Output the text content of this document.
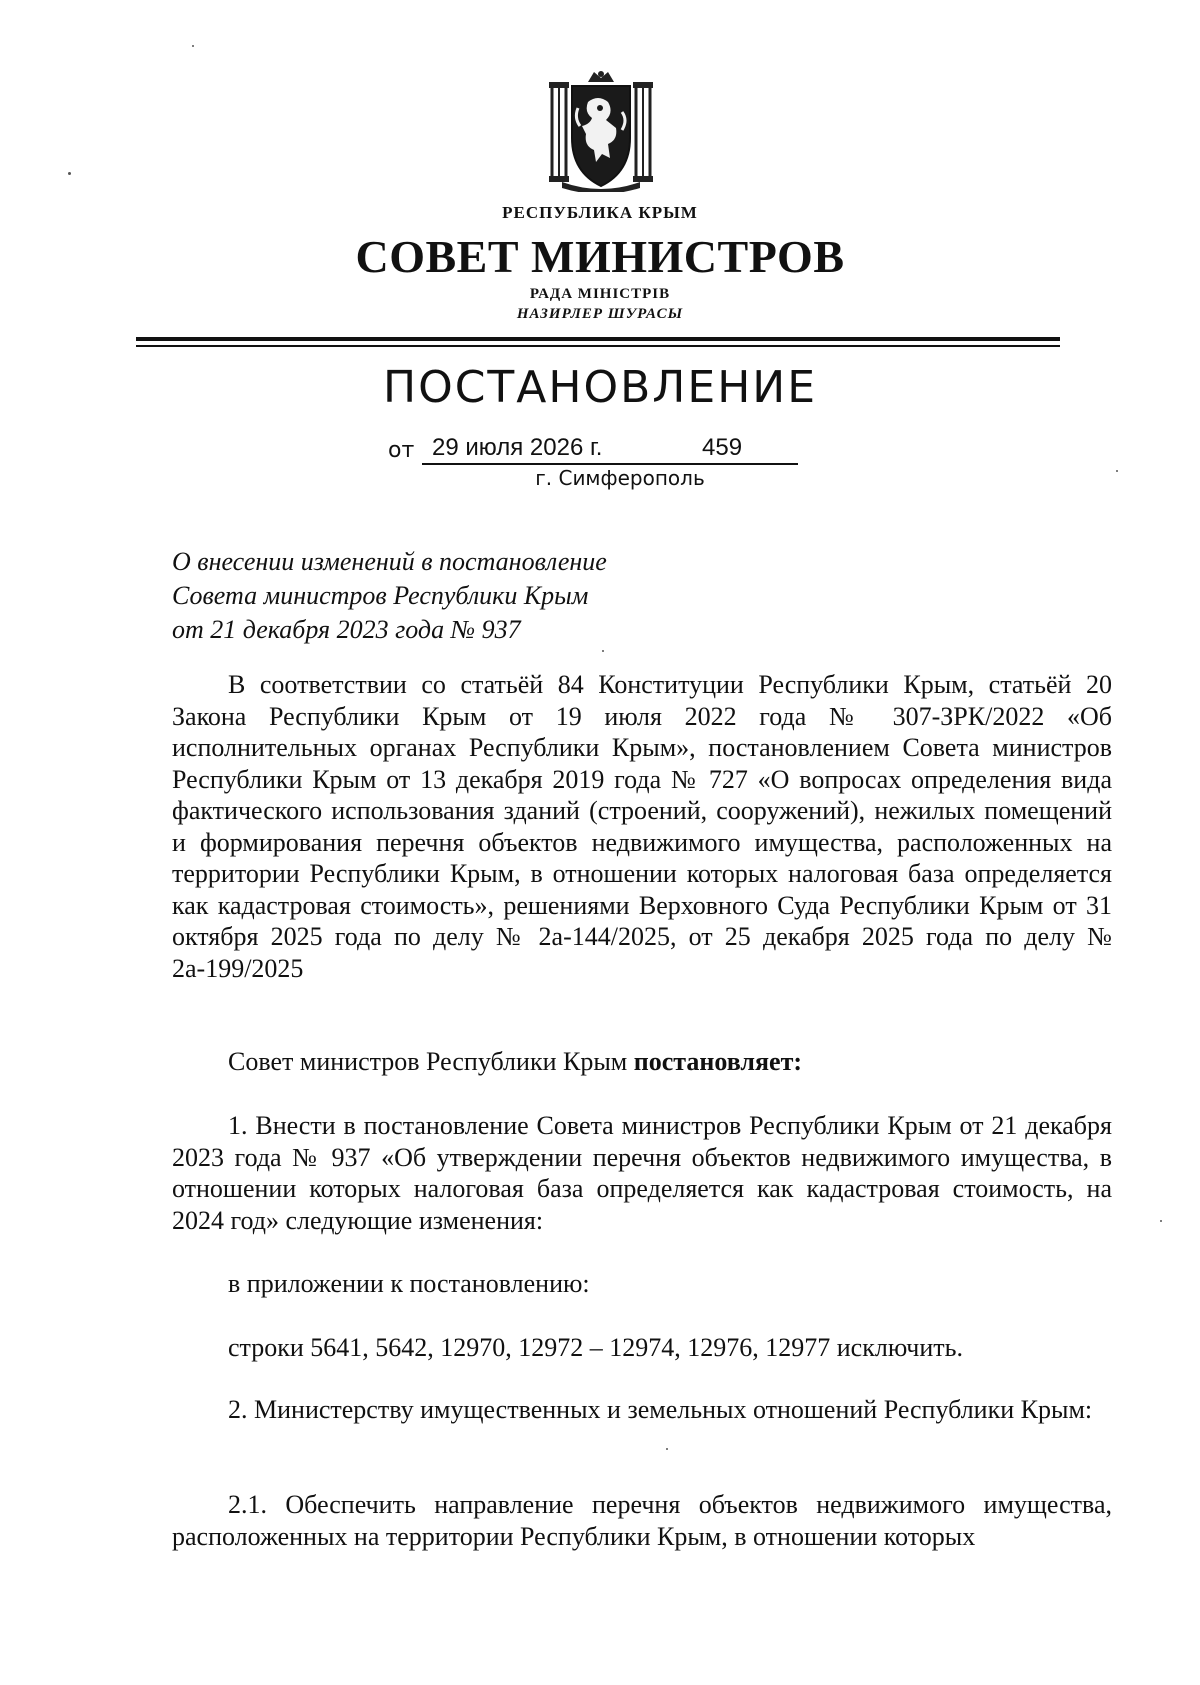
РЕСПУБЛИКА КРЫМ
СОВЕТ МИНИСТРОВ
РАДА МІНІСТРІВ
НАЗИРЛЕР ШУРАСЫ
ПОСТАНОВЛЕНИЕ
от 29 июля 2026 г.	459
г. Симферополь
О внесении изменений в постановление
Совета министров Республики Крым
от 21 декабря 2023 года № 937

В соответствии со статьёй 84 Конституции Республики Крым, статьёй 20 Закона Республики Крым от 19 июля 2022 года № 307-ЗРК/2022 «Об исполнительных органах Республики Крым», постановлением Совета министров Республики Крым от 13 декабря 2019 года № 727 «О вопросах определения вида фактического использования зданий (строений, сооружений), нежилых помещений и формирования перечня объектов недвижимого имущества, расположенных на территории Республики Крым, в отношении которых налоговая база определяется как кадастровая стоимость», решениями Верховного Суда Республики Крым от 31 октября 2025 года по делу № 2а-144/2025, от 25 декабря 2025 года по делу № 2а-199/2025

Совет министров Республики Крым постановляет:

1. Внести в постановление Совета министров Республики Крым от 21 декабря 2023 года № 937 «Об утверждении перечня объектов недвижимого имущества, в отношении которых налоговая база определяется как кадастровая стоимость, на 2024 год» следующие изменения:

в приложении к постановлению:

строки 5641, 5642, 12970, 12972 – 12974, 12976, 12977 исключить.

2. Министерству имущественных и земельных отношений Республики Крым:

2.1. Обеспечить направление перечня объектов недвижимого имущества, расположенных на территории Республики Крым, в отношении которых
